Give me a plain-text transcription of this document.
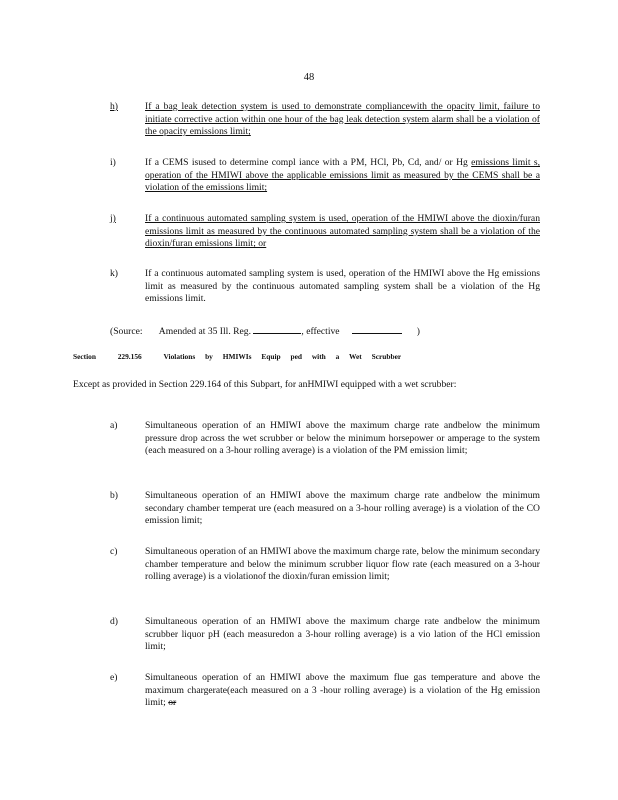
48
h)	If a bag leak detection system is used to demonstrate compliancewith the opacity limit, failure to initiate corrective action within one hour of the bag leak detection system alarm shall be a violation of the opacity emissions limit;
i)	If a CEMS isused to determine compl iance with a PM, HCl, Pb, Cd, and/ or Hg emissions limit s, operation of the HMIWI above the applicable emissions limit as measured by the CEMS shall be a violation of the emissions limit;
j)	If a continuous automated sampling system is used, operation of the HMIWI above the dioxin/furan emissions limit as measured by the continuous automated sampling system shall be a violation of the dioxin/furan emissions limit; or
k)	If a continuous automated sampling system is used, operation of the HMIWI above the Hg emissions limit as measured by the continuous automated sampling system shall be a violation of the Hg emissions limit.
(Source: Amended at 35 Ill. Reg.	, effective	)
Section	229.156	Violations by HMIWIs Equip ped with a Wet Scrubber
Except as provided in Section 229.164 of this Subpart, for anHMIWI equipped with a wet scrubber:
a)	Simultaneous operation of an HMIWI above the maximum charge rate andbelow the minimum pressure drop across the wet scrubber or below the minimum horsepower or amperage to the system (each measured on a 3-hour rolling average) is a violation of the PM emission limit;
b)	Simultaneous operation of an HMIWI above the maximum charge rate andbelow the minimum secondary chamber temperat ure (each measured on a 3-hour rolling average) is a violation of the CO emission limit;
c)	Simultaneous operation of an HMIWI above the maximum charge rate, below the minimum secondary chamber temperature and below the minimum scrubber liquor flow rate (each measured on a 3-hour rolling average) is a violationof the dioxin/furan emission limit;
d)	Simultaneous operation of an HMIWI above the maximum charge rate andbelow the minimum scrubber liquor pH (each measuredon a 3-hour rolling average) is a vio lation of the HCl emission limit;
e)	Simultaneous operation of an HMIWI above the maximum flue gas temperature and above the maximum chargerate(each measured on a 3 -hour rolling average) is a violation of the Hg emission limit; or
